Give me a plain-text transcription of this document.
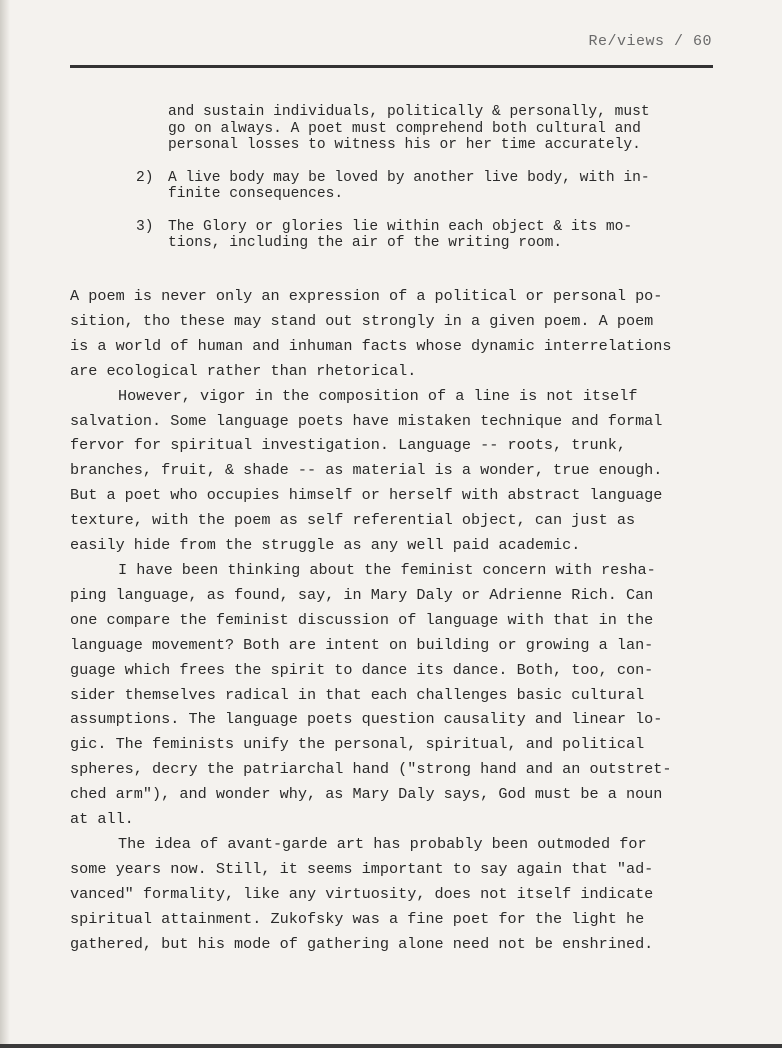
Re/views / 60
and sustain individuals, politically & personally, must
go on always. A poet must comprehend both cultural and
personal losses to witness his or her time accurately.
2) A live body may be loved by another live body, with in-
finite consequences.
3) The Glory or glories lie within each object & its mo-
tions, including the air of the writing room.

A poem is never only an expression of a political or personal po-
sition, tho these may stand out strongly in a given poem. A poem
is a world of human and inhuman facts whose dynamic interrelations
are ecological rather than rhetorical.

However, vigor in the composition of a line is not itself
salvation. Some language poets have mistaken technique and formal
fervor for spiritual investigation. Language -- roots, trunk,
branches, fruit, & shade -- as material is a wonder, true enough.
But a poet who occupies himself or herself with abstract language
texture, with the poem as self referential object, can just as
easily hide from the struggle as any well paid academic.

I have been thinking about the feminist concern with resha-
ping language, as found, say, in Mary Daly or Adrienne Rich. Can
one compare the feminist discussion of language with that in the
language movement? Both are intent on building or growing a lan-
guage which frees the spirit to dance its dance. Both, too, con-
sider themselves radical in that each challenges basic cultural
assumptions. The language poets question causality and linear lo-
gic. The feminists unify the personal, spiritual, and political
spheres, decry the patriarchal hand ("strong hand and an outstret-
ched arm"), and wonder why, as Mary Daly says, God must be a noun
at all.

The idea of avant-garde art has probably been outmoded for
some years now. Still, it seems important to say again that "ad-
vanced" formality, like any virtuosity, does not itself indicate
spiritual attainment. Zukofsky was a fine poet for the light he
gathered, but his mode of gathering alone need not be enshrined.
